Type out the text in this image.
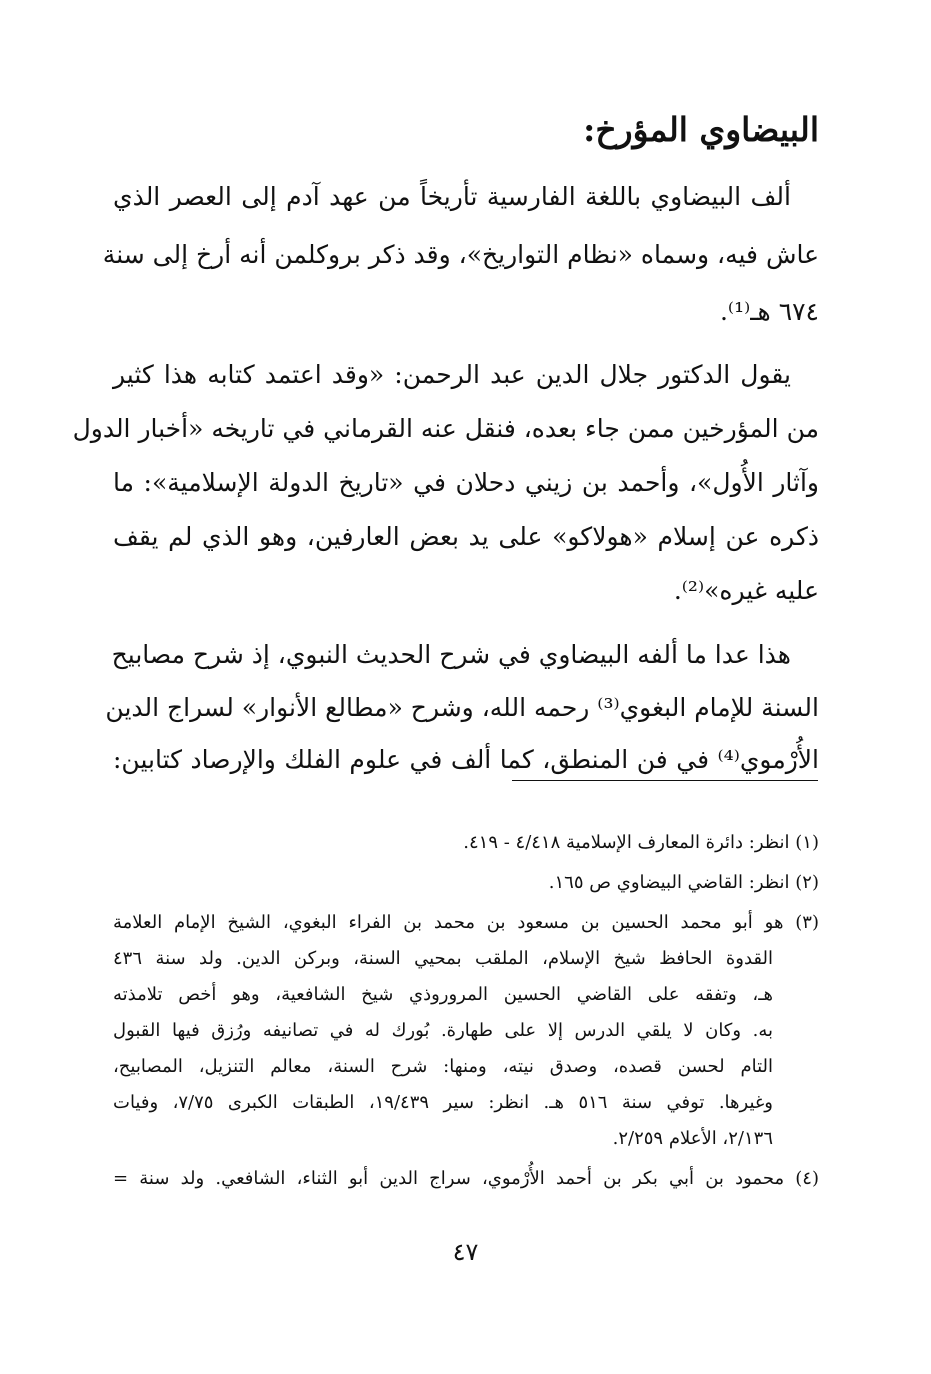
البيضاوي المؤرخ:
ألف البيضاوي باللغة الفارسية تأريخاً من عهد آدم إلى العصر الذي
عاش فيه، وسماه «نظام التواريخ»، وقد ذكر بروكلمن أنه أرخ إلى سنة
٦٧٤ هـ⁽¹⁾.
يقول الدكتور جلال الدين عبد الرحمن: «وقد اعتمد كتابه هذا كثير
من المؤرخين ممن جاء بعده، فنقل عنه القرماني في تاريخه «أخبار الدول
وآثار الأُول»، وأحمد بن زيني دحلان في «تاريخ الدولة الإسلامية»: ما
ذكره عن إسلام «هولاكو» على يد بعض العارفين، وهو الذي لم يقف
عليه غيره»⁽²⁾.
هذا عدا ما ألفه البيضاوي في شرح الحديث النبوي، إذ شرح مصابيح
السنة للإمام البغوي⁽³⁾ رحمه الله، وشرح «مطالع الأنوار» لسراج الدين
الأُرْموي⁽⁴⁾ في فن المنطق، كما ألف في علوم الفلك والإرصاد كتابين:
(١) انظر: دائرة المعارف الإسلامية ٤/٤١٨ - ٤١٩.
(٢) انظر: القاضي البيضاوي ص ١٦٥.
(٣) هو أبو محمد الحسين بن مسعود بن محمد بن الفراء البغوي، الشيخ الإمام العلامة
القدوة الحافظ شيخ الإسلام، الملقب بمحيي السنة، وبركن الدين. ولد سنة ٤٣٦
هـ، وتفقه على القاضي الحسين المروروذي شيخ الشافعية، وهو أخص تلامذته
به. وكان لا يلقي الدرس إلا على طهارة. بُورك له في تصانيفه ورُزق فيها القبول
التام لحسن قصده، وصدق نيته، ومنها: شرح السنة، معالم التنزيل، المصابيح،
وغيرها. توفي سنة ٥١٦ هـ. انظر: سير ١٩/٤٣٩، الطبقات الكبرى ٧/٧٥، وفيات
٢/١٣٦، الأعلام ٢/٢٥٩.
(٤) محمود بن أبي بكر بن أحمد الأُرْموي، سراج الدين أبو الثناء، الشافعي. ولد سنة =
٤٧
